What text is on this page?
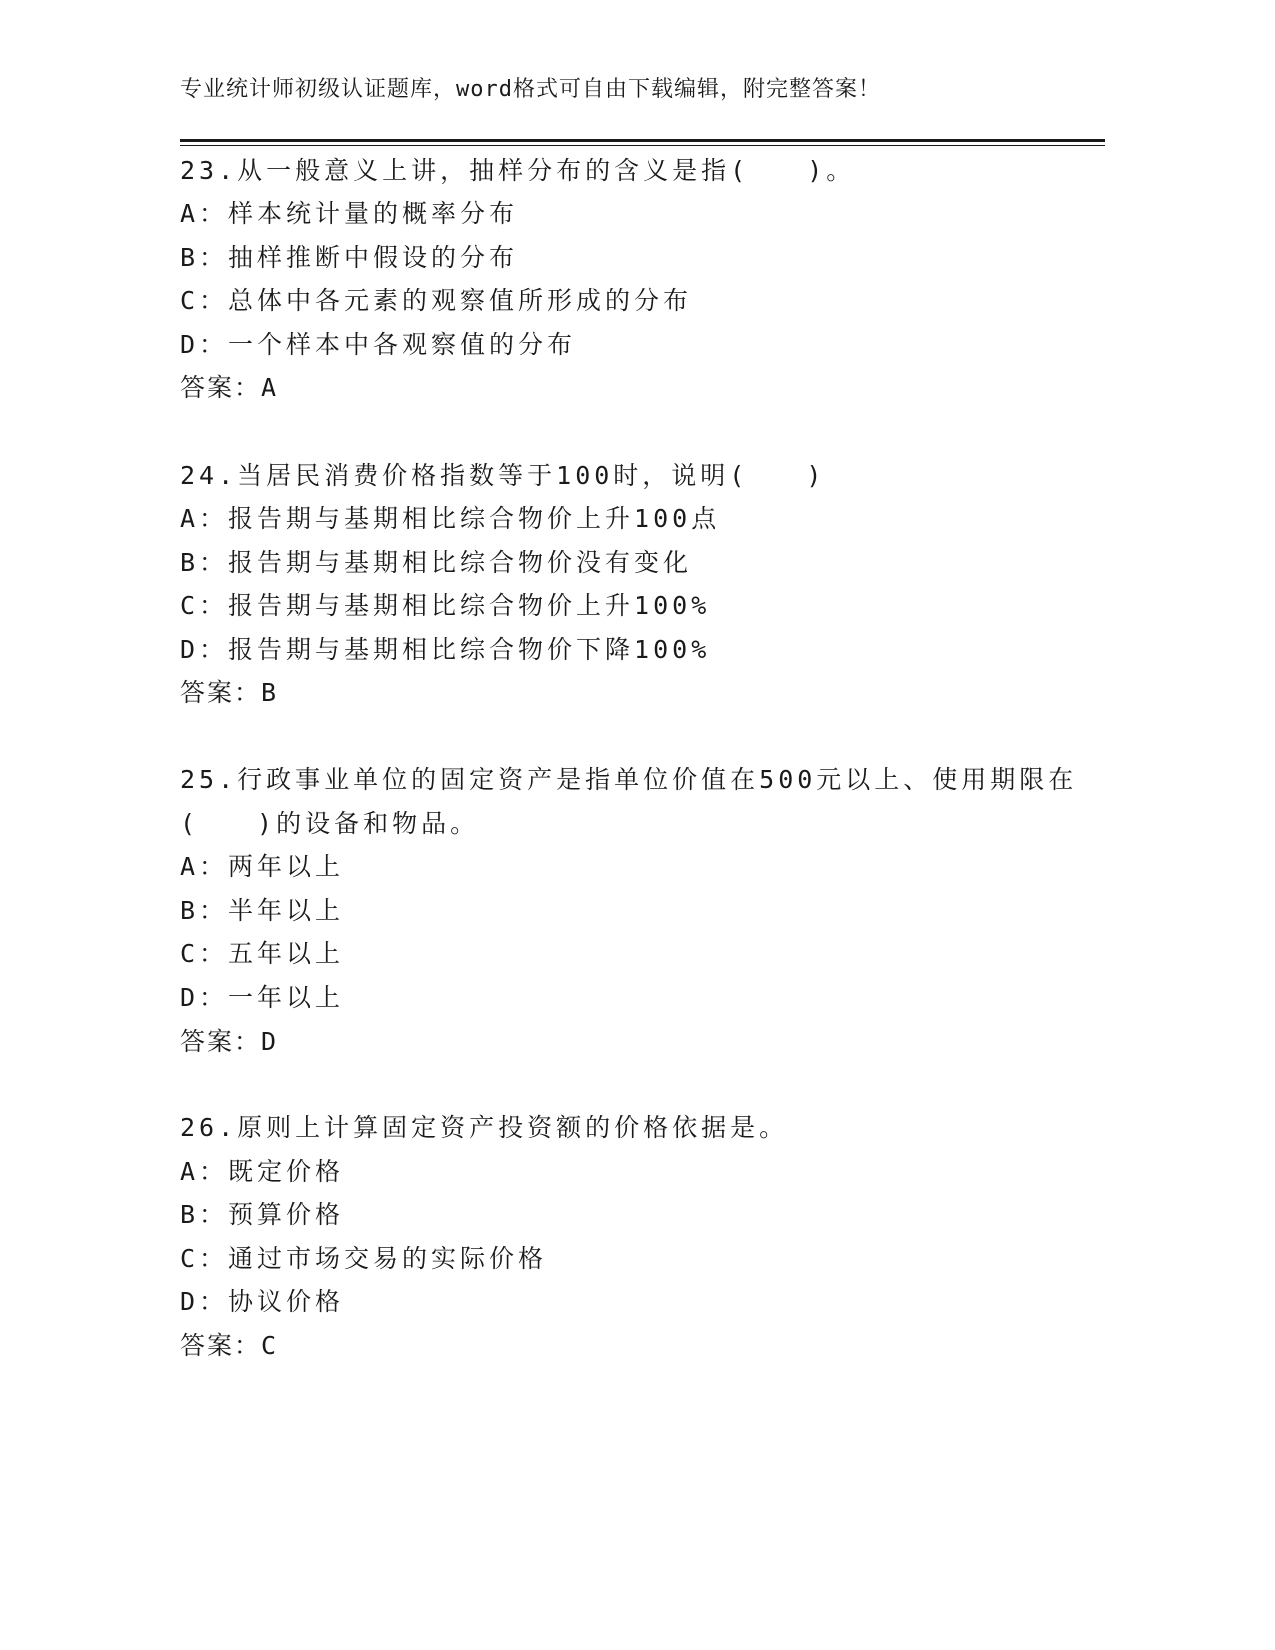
专业统计师初级认证题库，word格式可自由下载编辑，附完整答案！
23.从一般意义上讲，抽样分布的含义是指(　　)。
A：样本统计量的概率分布
B：抽样推断中假设的分布
C：总体中各元素的观察值所形成的分布
D：一个样本中各观察值的分布
答案：A
24.当居民消费价格指数等于100时，说明(　　)
A：报告期与基期相比综合物价上升100点
B：报告期与基期相比综合物价没有变化
C：报告期与基期相比综合物价上升100%
D：报告期与基期相比综合物价下降100%
答案：B
25.行政事业单位的固定资产是指单位价值在500元以上、使用期限在
(　　)的设备和物品。
A：两年以上
B：半年以上
C：五年以上
D：一年以上
答案：D
26.原则上计算固定资产投资额的价格依据是。
A：既定价格
B：预算价格
C：通过市场交易的实际价格
D：协议价格
答案：C
